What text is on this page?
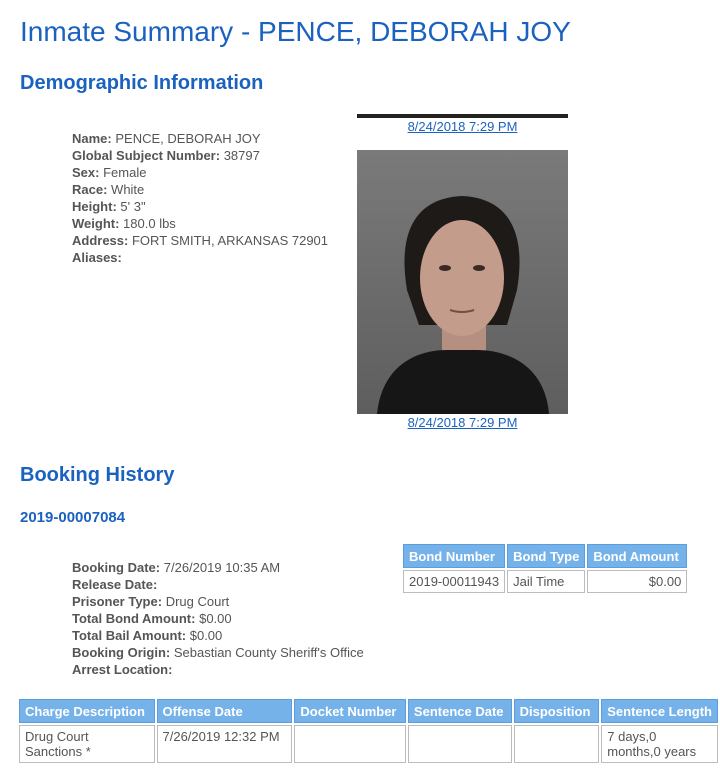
Inmate Summary - PENCE, DEBORAH JOY
Demographic Information
Name: PENCE, DEBORAH JOY
Global Subject Number: 38797
Sex: Female
Race: White
Height: 5' 3"
Weight: 180.0 lbs
Address: FORT SMITH, ARKANSAS 72901
Aliases:
8/24/2018 7:29 PM
8/24/2018 7:29 PM
Booking History
2019-00007084
Booking Date: 7/26/2019 10:35 AM
Release Date:
Prisoner Type: Drug Court
Total Bond Amount: $0.00
Total Bail Amount: $0.00
Booking Origin: Sebastian County Sheriff's Office
Arrest Location:
Bond Number	Bond Type	Bond Amount
2019-00011943	Jail Time	$0.00
Charge Description	Offense Date	Docket Number	Sentence Date	Disposition	Sentence Length
Drug Court Sanctions *	7/26/2019 12:32 PM				7 days,0 months,0 years
